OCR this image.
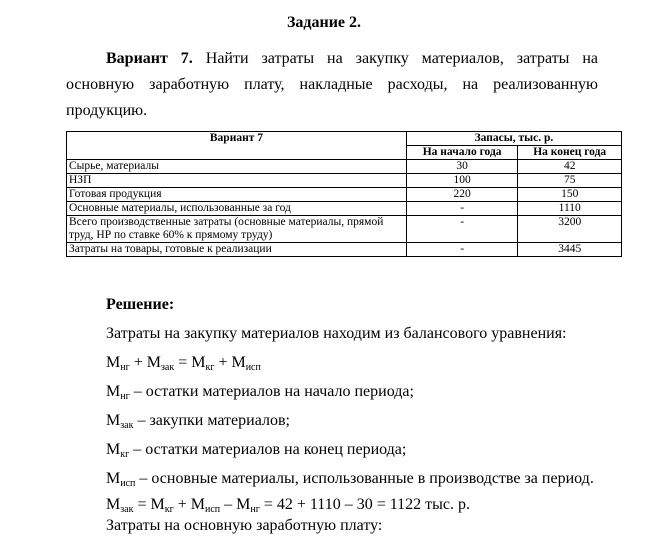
Задание 2.
Вариант 7. Найти затраты на закупку материалов, затраты на
основную заработную плату, накладные расходы, на реализованную
продукцию.
Вариант 7	Запасы, тыс. р.	
	На начало года	На конец года
Сырье, материалы	30	42
НЗП	100	75
Готовая продукция	220	150
Основные материалы, использованные за год	-	1110
Всего производственные затраты (основные материалы, прямой труд, НР по ставке 60% к прямому труду)	-	3200
Затраты на товары, готовые к реализации	-	3445
Решение:
Затраты на закупку материалов находим из балансового уравнения:
$М_{нг} + М_{зак} = М_{кг} + М_{исп}$
$М_{нг}$ – остатки материалов на начало периода;
$М_{зак}$ – закупки материалов;
$М_{кг}$ – остатки материалов на конец периода;
$М_{исп}$ – основные материалы, использованные в производстве за период.
$М_{зак} = М_{кг} + М_{исп} - М_{нг} = 42 + 1110 - 30 = 1122$ тыс. р.
Затраты на основную заработную плату:
